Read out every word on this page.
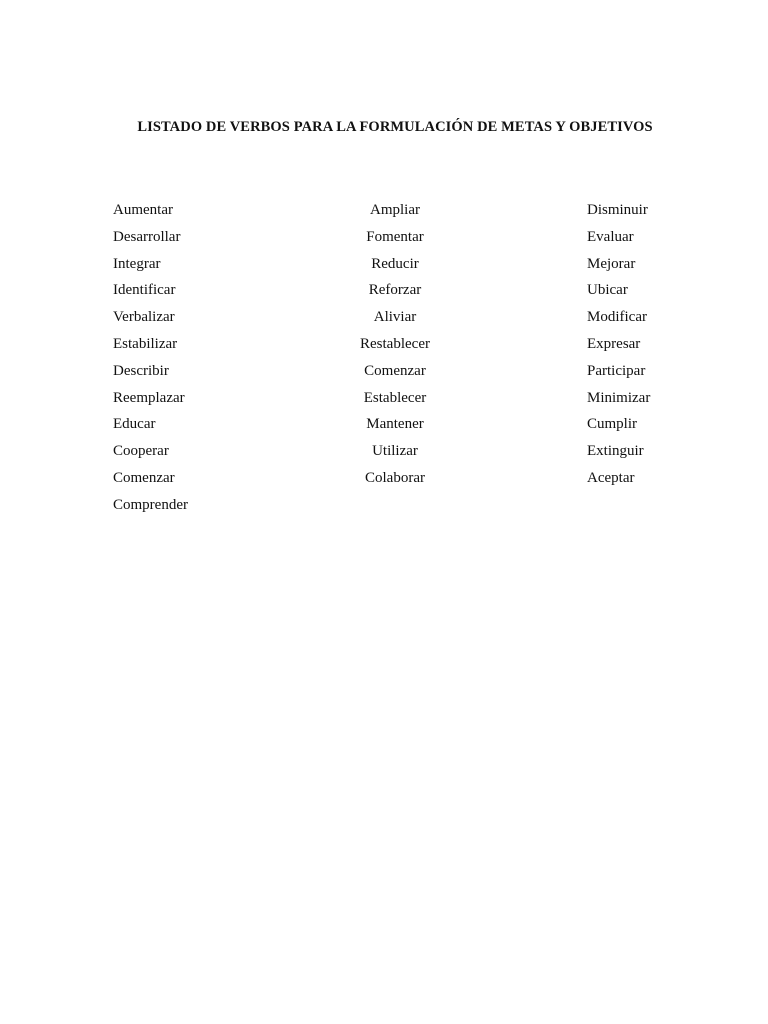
LISTADO DE VERBOS PARA LA FORMULACIÓN DE METAS Y OBJETIVOS
Aumentar
Desarrollar
Integrar
Identificar
Verbalizar
Estabilizar
Describir
Reemplazar
Educar
Cooperar
Comenzar
Comprender
Ampliar
Fomentar
Reducir
Reforzar
Aliviar
Restablecer
Comenzar
Establecer
Mantener
Utilizar
Colaborar
Disminuir
Evaluar
Mejorar
Ubicar
Modificar
Expresar
Participar
Minimizar
Cumplir
Extinguir
Aceptar
